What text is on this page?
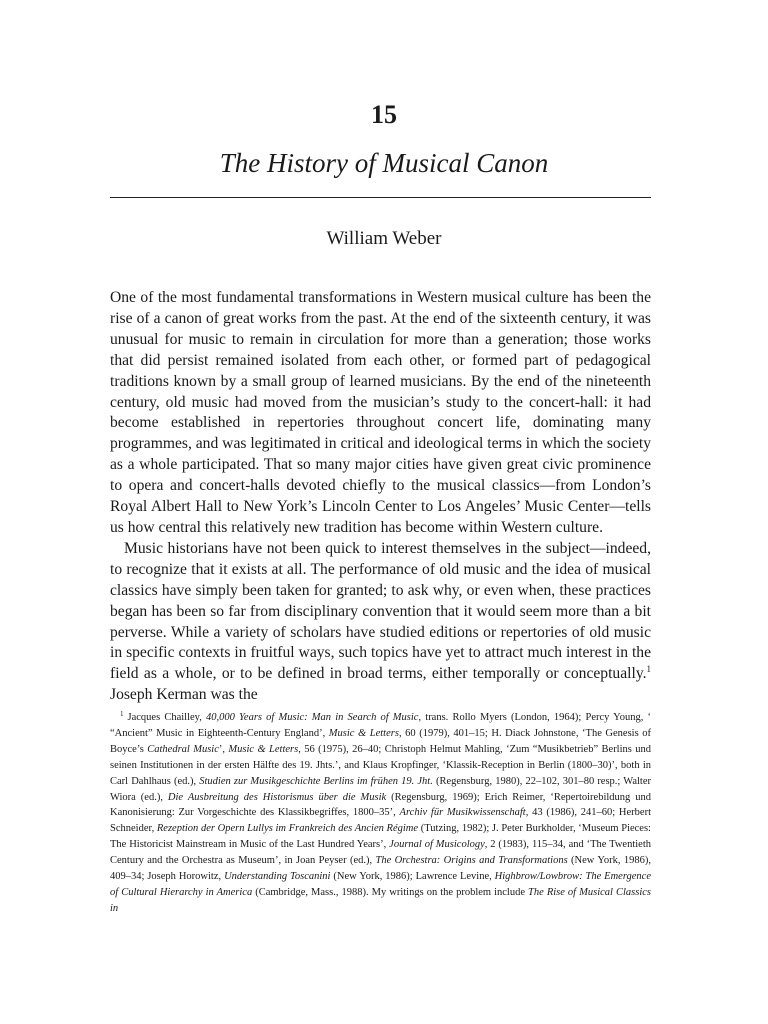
15
The History of Musical Canon
William Weber

One of the most fundamental transformations in Western musical culture has been the rise of a canon of great works from the past. At the end of the sixteenth century, it was unusual for music to remain in circulation for more than a generation; those works that did persist remained isolated from each other, or formed part of pedagogical traditions known by a small group of learned musicians. By the end of the nineteenth century, old music had moved from the musician’s study to the concert-hall: it had become established in repertories throughout concert life, dominating many programmes, and was legitimated in critical and ideological terms in which the society as a whole participated. That so many major cities have given great civic prominence to opera and concert-halls devoted chiefly to the musical classics—from London’s Royal Albert Hall to New York’s Lincoln Center to Los Angeles’ Music Center—tells us how central this relatively new tradition has become within Western culture.

Music historians have not been quick to interest themselves in the subject—indeed, to recognize that it exists at all. The performance of old music and the idea of musical classics have simply been taken for granted; to ask why, or even when, these practices began has been so far from disciplinary convention that it would seem more than a bit perverse. While a variety of scholars have studied editions or repertories of old music in specific contexts in fruitful ways, such topics have yet to attract much interest in the field as a whole, or to be defined in broad terms, either temporally or conceptually.$^1$ Joseph Kerman was the

$^1$ Jacques Chailley, 40,000 Years of Music: Man in Search of Music, trans. Rollo Myers (London, 1964); Percy Young, ‘ “Ancient” Music in Eighteenth-Century England’, Music & Letters, 60 (1979), 401–15; H. Diack Johnstone, ‘The Genesis of Boyce’s Cathedral Music’, Music & Letters, 56 (1975), 26–40; Christoph Helmut Mahling, ‘Zum “Musikbetrieb” Berlins und seinen Institutionen in der ersten Hälfte des 19. Jhts.’, and Klaus Kropfinger, ‘Klassik-Reception in Berlin (1800–30)’, both in Carl Dahlhaus (ed.), Studien zur Musikgeschichte Berlins im frühen 19. Jht. (Regensburg, 1980), 22–102, 301–80 resp.; Walter Wiora (ed.), Die Ausbreitung des Historismus über die Musik (Regensburg, 1969); Erich Reimer, ‘Repertoirebildung und Kanonisierung: Zur Vorgeschichte des Klassikbegriffes, 1800–35’, Archiv für Musikwissenschaft, 43 (1986), 241–60; Herbert Schneider, Rezeption der Opern Lullys im Frankreich des Ancien Régime (Tutzing, 1982); J. Peter Burkholder, ‘Museum Pieces: The Historicist Mainstream in Music of the Last Hundred Years’, Journal of Musicology, 2 (1983), 115–34, and ‘The Twentieth Century and the Orchestra as Museum’, in Joan Peyser (ed.), The Orchestra: Origins and Transformations (New York, 1986), 409–34; Joseph Horowitz, Understanding Toscanini (New York, 1986); Lawrence Levine, Highbrow/Lowbrow: The Emergence of Cultural Hierarchy in America (Cambridge, Mass., 1988). My writings on the problem include The Rise of Musical Classics in
